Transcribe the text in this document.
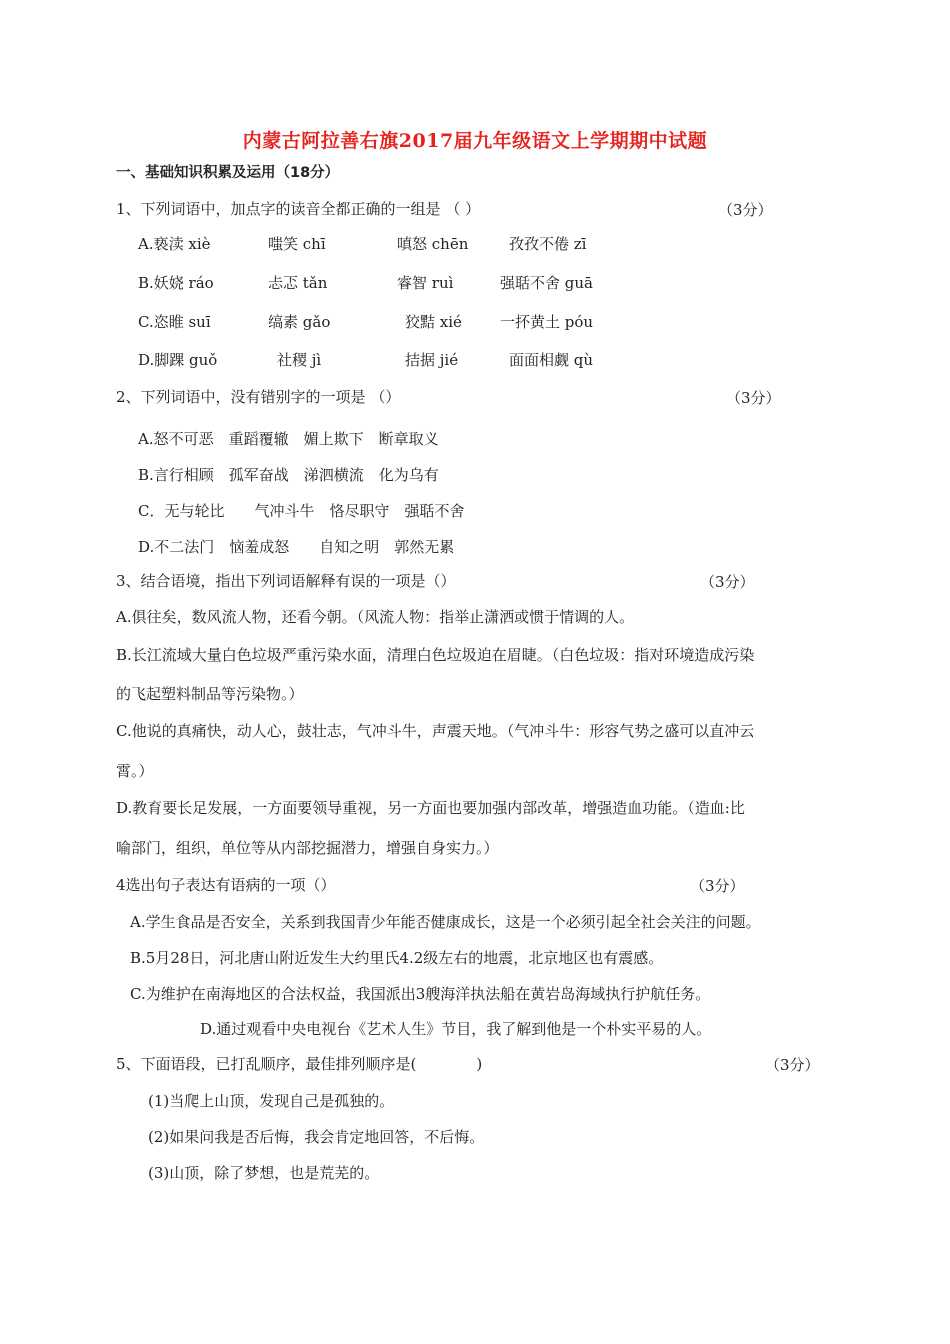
内蒙古阿拉善右旗2017届九年级语文上学期期中试题
一、基础知识积累及运用（18分）
1、下列词语中，加点字的读音全都正确的一组是 （ ）	（3分）
A.亵渎 xiè	嗤笑 chī	嗔怒 chēn	孜孜不倦 zī
B.妖娆 ráo	忐忑 tǎn	睿智 ruì	强聒不舍 guā
C.恣睢 suī	缟素 gǎo	狡黠 xié	一抔黄土 póu
D.脚踝 guǒ	社稷 jì	拮据 jié	面面相觑 qù
2、下列词语中，没有错别字的一项是 （）	（3分）
A.怒不可恶　重蹈覆辙　媚上欺下　断章取义
B.言行相顾　孤军奋战　涕泗横流　化为乌有
C．无与轮比　　气冲斗牛　恪尽职守　强聒不舍
D.不二法门　恼羞成怒　　自知之明　郭然无累
3、结合语境，指出下列词语解释有误的一项是（）	（3分）
A.俱往矣，数风流人物，还看今朝。（风流人物：指举止潇洒或惯于情调的人。
B.长江流域大量白色垃圾严重污染水面，清理白色垃圾迫在眉睫。（白色垃圾：指对环境造成污染
的飞起塑料制品等污染物。）
C.他说的真痛快，动人心，鼓壮志，气冲斗牛，声震天地。（气冲斗牛：形容气势之盛可以直冲云
霄。）
D.教育要长足发展，一方面要领导重视，另一方面也要加强内部改革，增强造血功能。（造血:比
喻部门，组织，单位等从内部挖掘潜力，增强自身实力。）
4选出句子表达有语病的一项（）	（3分）
A.学生食品是否安全，关系到我国青少年能否健康成长，这是一个必须引起全社会关注的问题。
B.5月28日，河北唐山附近发生大约里氏4.2级左右的地震，北京地区也有震感。
C.为维护在南海地区的合法权益，我国派出3艘海洋执法船在黄岩岛海域执行护航任务。
D.通过观看中央电视台《艺术人生》节目，我了解到他是一个朴实平易的人。
5、下面语段，已打乱顺序，最佳排列顺序是(　　　　)	（3分）
(1)当爬上山顶，发现自己是孤独的。
(2)如果问我是否后悔，我会肯定地回答，不后悔。
(3)山顶，除了梦想，也是荒芜的。
